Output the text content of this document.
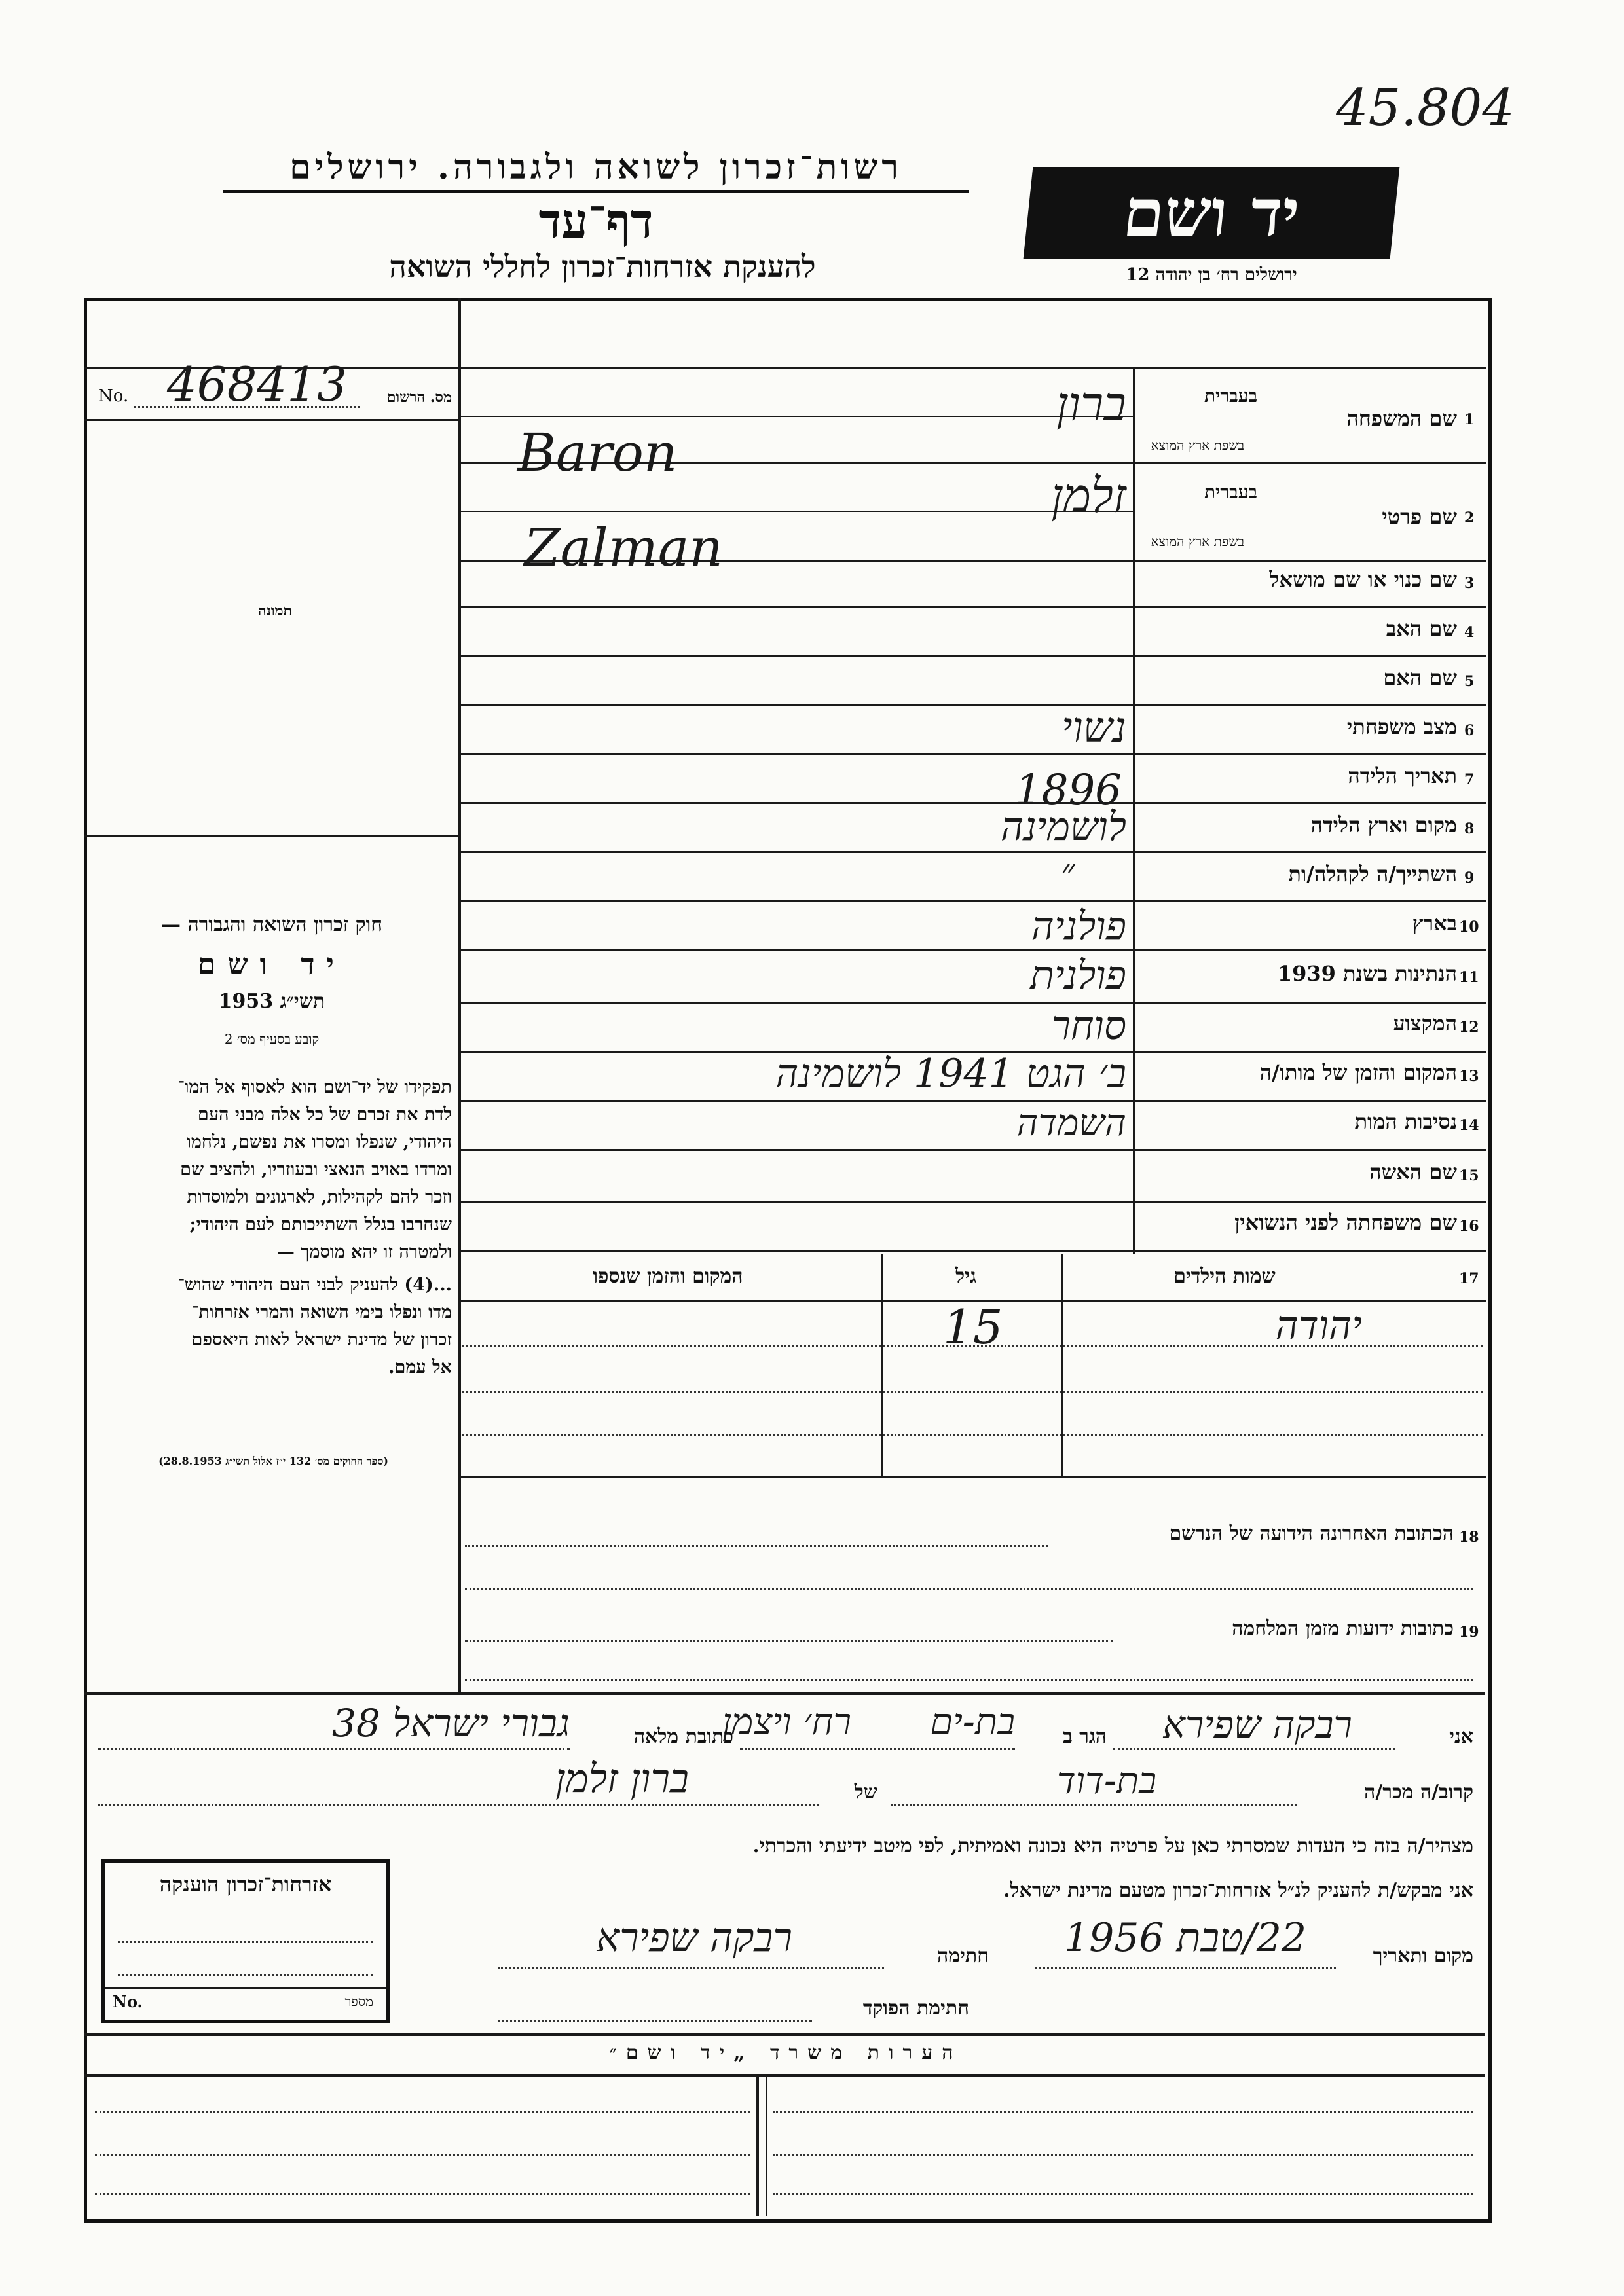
45.804
רשות־זכרון לשואה ולגבורה. ירושלים
דף־עד
להענקת אזרחות־זכרון לחללי השואה
יד ושם
ירושלים רח׳ בן יהודה 12
No. 468413	מס. הרשום
תמונה
חוק זכרון השואה והגבורה —
יד ושם
1953 תשי״ג
קובע בסעיף מס׳ 2
תפקידו של יד־ושם הוא לאסוף אל המו־
לדת את זכרם של כל אלה מבני העם
היהודי, שנפלו ומסרו את נפשם, נלחמו
ומרדו באויב הנאצי ובעוזריו, ולהציב שם
וזכר להם לקהילות, לארגונים ולמוסדות
שנחרבו בגלל השתייכותם לעם היהודי;
ולמטרה זו יהא מוסמך —
...(4) להעניק לבני העם היהודי שהוש־
מדו ונפלו בימי השואה והמרי אזרחות־
זכרון של מדינת ישראל לאות היאספם
אל עמם.
(ספר החוקים מס׳ 132 י״ז אלול תשי״ג 28.8.1953)
1
שם המשפחה
בעברית
בשפת ארץ המוצא
ברון
Baron
2
שם פרטי
בעברית
בשפת ארץ המוצא
זלמן
Zalman
3
שם כנוי או שם מושאל
4
שם האב
5
שם האם
6
מצב משפחתי
נשוי
7
תאריך הלידה
1896
8
מקום וארץ הלידה
לושמינה
9
השתייך/ה לקהלה/ות
״
10
בארץ
פולניה
11
הנתינות בשנת 1939
פולנית
12
המקצוע
סוחר
13
המקום והזמן של מותו/ה
ב׳ הגט 1941 לושמינה
14
נסיבות המות
השמדה
15
שם האשה
16
שם משפחתה לפני הנשואין
17
שמות הילדים
גיל
המקום והזמן שנספו
יהודה
15
18
הכתובת האחרונה הידועה של הנרשם
19
כתובות ידועות מזמן המלחמה
אני
רבקה שפירא
הגר ב
בת-ים
רח׳ ויצמן
כתובת מלאה
גבורי ישראל 38
קרוב/ה מכר/ה
בת-דוד
של
ברון זלמן
מצהיר/ה בזה כי העדות שמסרתי כאן על פרטיה היא נכונה ואמיתית, לפי מיטב ידיעתי והכרתי.
אני מבקש/ת להעניק לנ״ל אזרחות־זכרון מטעם מדינת ישראל.
מקום ותאריך
22/טבת 1956
חתימה
רבקה שפירא
חתימת הפוקד
אזרחות־זכרון הוענקה
No.	מספר
הערות משרד „יד ושם״
